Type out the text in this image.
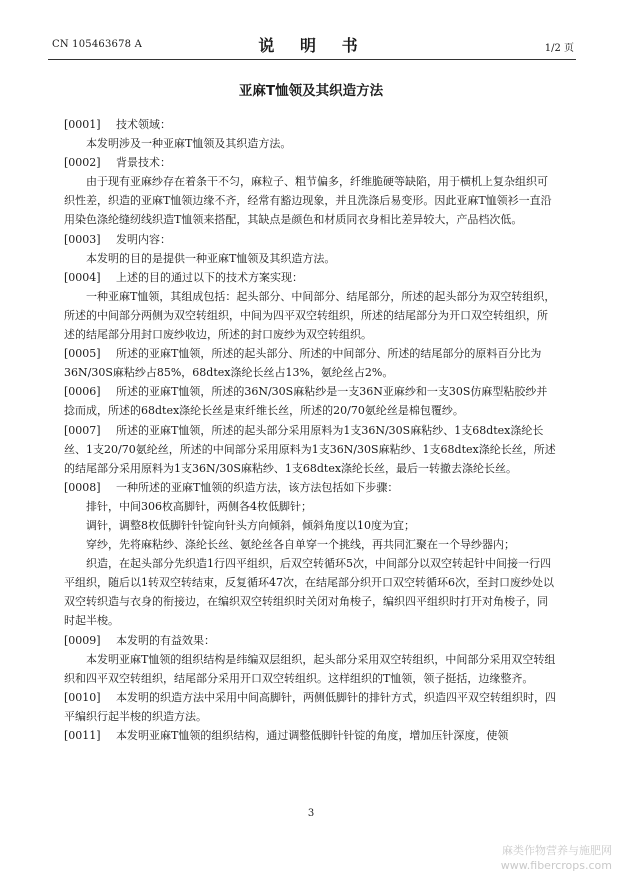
CN 105463678 A	说 明 书	1/2 页
亚麻T恤领及其织造方法

[0001] 技术领域：

本发明涉及一种亚麻T恤领及其织造方法。

[0002] 背景技术：

由于现有亚麻纱存在着条干不匀，麻粒子、粗节偏多，纤维脆硬等缺陷，用于横机上复杂组织可织性差，织造的亚麻T恤领边缘不齐，经常有豁边现象，并且洗涤后易变形。因此亚麻T恤领衫一直沿用染色涤纶缝纫线织造T恤领来搭配，其缺点是颜色和材质同衣身相比差异较大，产品档次低。

[0003] 发明内容：

本发明的目的是提供一种亚麻T恤领及其织造方法。

[0004] 上述的目的通过以下的技术方案实现：

一种亚麻T恤领，其组成包括：起头部分、中间部分、结尾部分，所述的起头部分为双空转组织，所述的中间部分两侧为双空转组织，中间为四平双空转组织，所述的结尾部分为开口双空转组织，所述的结尾部分用封口废纱收边，所述的封口废纱为双空转组织。

[0005] 所述的亚麻T恤领，所述的起头部分、所述的中间部分、所述的结尾部分的原料百分比为36N/30S麻粘纱占85%，68dtex涤纶长丝占13%，氨纶丝占2%。

[0006] 所述的亚麻T恤领，所述的36N/30S麻粘纱是一支36N亚麻纱和一支30S仿麻型粘胶纱并捻而成，所述的68dtex涤纶长丝是束纤维长丝，所述的20/70氨纶丝是棉包覆纱。

[0007] 所述的亚麻T恤领，所述的起头部分采用原料为1支36N/30S麻粘纱、1支68dtex涤纶长丝、1支20/70氨纶丝，所述的中间部分采用原料为1支36N/30S麻粘纱、1支68dtex涤纶长丝，所述的结尾部分采用原料为1支36N/30S麻粘纱、1支68dtex涤纶长丝，最后一转撤去涤纶长丝。

[0008] 一种所述的亚麻T恤领的织造方法，该方法包括如下步骤：

排针，中间306枚高脚针，两侧各4枚低脚针；

调针，调整8枚低脚针针锭向针头方向倾斜，倾斜角度以10度为宜；

穿纱，先将麻粘纱、涤纶长丝、氨纶丝各自单穿一个挑线，再共同汇聚在一个导纱器内；

织造，在起头部分先织造1行四平组织，后双空转循环5次，中间部分以双空转起针中间接一行四平组织，随后以1转双空转结束，反复循环47次，在结尾部分织开口双空转循环6次，至封口废纱处以双空转织造与衣身的衔接边，在编织双空转组织时关闭对角梭子，编织四平组织时打开对角梭子，同时起半梭。

[0009] 本发明的有益效果：

本发明亚麻T恤领的组织结构是纬编双层组织，起头部分采用双空转组织，中间部分采用双空转组织和四平双空转组织，结尾部分采用开口双空转组织。这样组织的T恤领，领子挺括，边缘整齐。

[0010] 本发明的织造方法中采用中间高脚针，两侧低脚针的排针方式，织造四平双空转组织时，四平编织行起半梭的织造方法。

[0011] 本发明亚麻T恤领的组织结构，通过调整低脚针针锭的角度，增加压针深度，使领

3
麻类作物营养与施肥网
www.fibercrops.com
